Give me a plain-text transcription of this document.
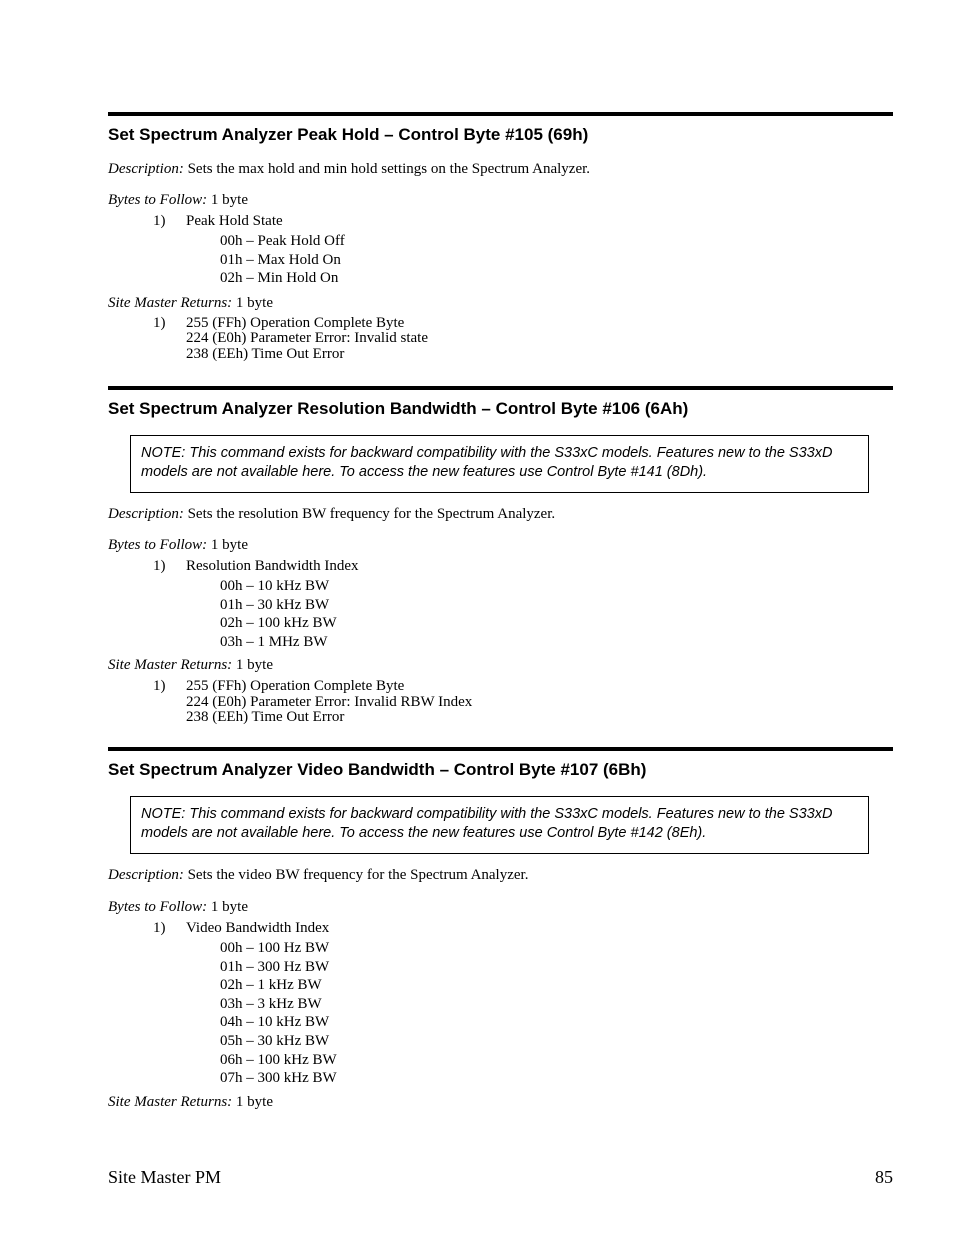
Set Spectrum Analyzer Peak Hold – Control Byte #105 (69h)
Description: Sets the max hold and min hold settings on the Spectrum Analyzer.
Bytes to Follow: 1 byte
1) Peak Hold State
00h – Peak Hold Off
01h – Max Hold On
02h – Min Hold On
Site Master Returns: 1 byte
1) 255 (FFh) Operation Complete Byte
224 (E0h) Parameter Error: Invalid state
238 (EEh) Time Out Error
Set Spectrum Analyzer Resolution Bandwidth – Control Byte #106 (6Ah)
NOTE: This command exists for backward compatibility with the S33xC models. Features new to the S33xD models are not available here. To access the new features use Control Byte #141 (8Dh).
Description: Sets the resolution BW frequency for the Spectrum Analyzer.
Bytes to Follow: 1 byte
1) Resolution Bandwidth Index
00h – 10 kHz BW
01h – 30 kHz BW
02h – 100 kHz BW
03h – 1 MHz BW
Site Master Returns: 1 byte
1) 255 (FFh) Operation Complete Byte
224 (E0h) Parameter Error: Invalid RBW Index
238 (EEh) Time Out Error
Set Spectrum Analyzer Video Bandwidth – Control Byte #107 (6Bh)
NOTE: This command exists for backward compatibility with the S33xC models. Features new to the S33xD models are not available here. To access the new features use Control Byte #142 (8Eh).
Description: Sets the video BW frequency for the Spectrum Analyzer.
Bytes to Follow: 1 byte
1) Video Bandwidth Index
00h – 100 Hz BW
01h – 300 Hz BW
02h – 1 kHz BW
03h – 3 kHz BW
04h – 10 kHz BW
05h – 30 kHz BW
06h – 100 kHz BW
07h – 300 kHz BW
Site Master Returns: 1 byte
Site Master PM	85
